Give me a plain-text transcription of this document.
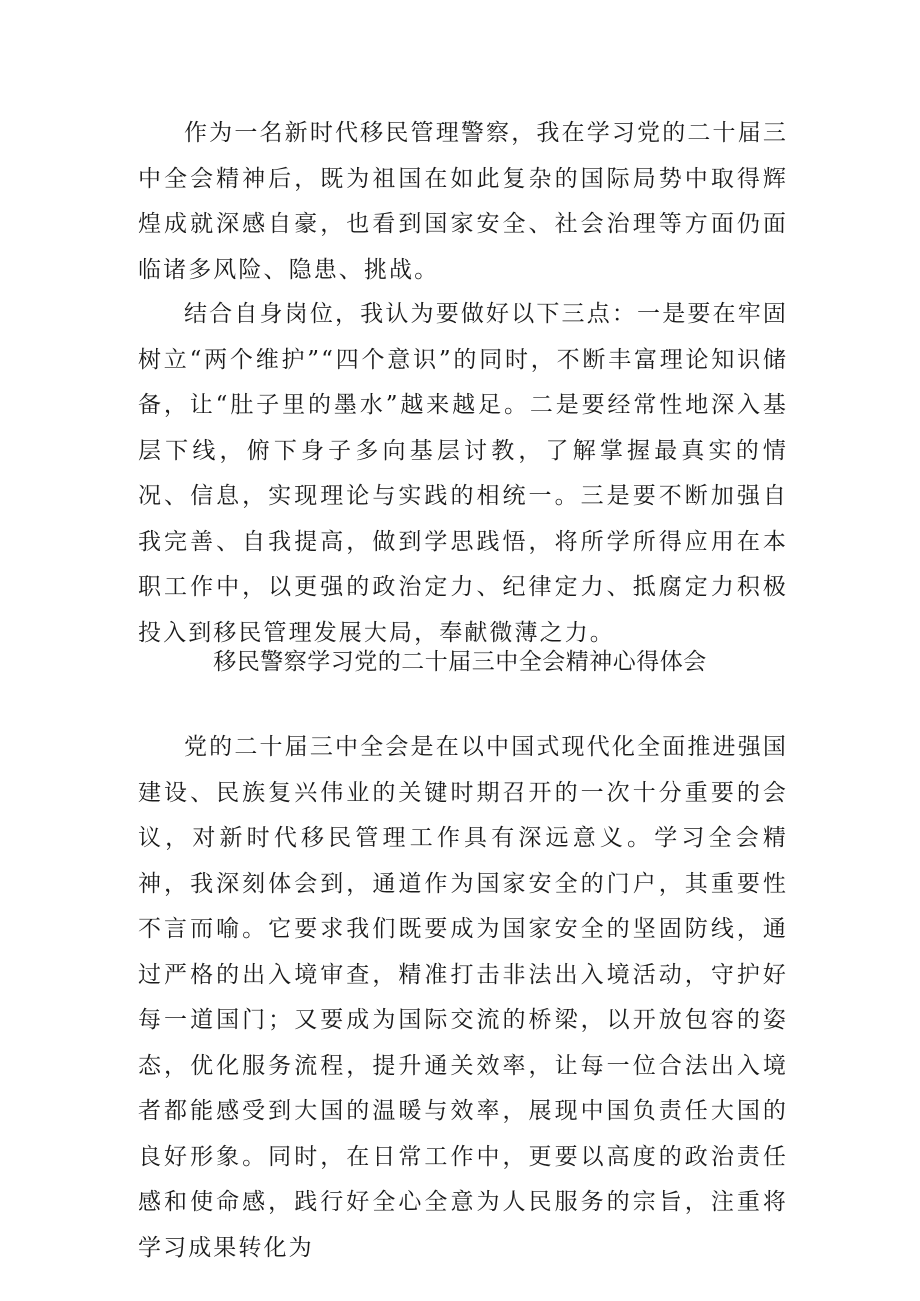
作为一名新时代移民管理警察，我在学习党的二十届三中全会精神后，既为祖国在如此复杂的国际局势中取得辉煌成就深感自豪，也看到国家安全、社会治理等方面仍面临诸多风险、隐患、挑战。

结合自身岗位，我认为要做好以下三点：一是要在牢固树立“两个维护”“四个意识”的同时，不断丰富理论知识储备，让“肚子里的墨水”越来越足。二是要经常性地深入基层下线，俯下身子多向基层讨教，了解掌握最真实的情况、信息，实现理论与实践的相统一。三是要不断加强自我完善、自我提高，做到学思践悟，将所学所得应用在本职工作中，以更强的政治定力、纪律定力、抵腐定力积极投入到移民管理发展大局，奉献微薄之力。

移民警察学习党的二十届三中全会精神心得体会

党的二十届三中全会是在以中国式现代化全面推进强国建设、民族复兴伟业的关键时期召开的一次十分重要的会议，对新时代移民管理工作具有深远意义。学习全会精神，我深刻体会到，通道作为国家安全的门户，其重要性不言而喻。它要求我们既要成为国家安全的坚固防线，通过严格的出入境审查，精准打击非法出入境活动，守护好每一道国门；又要成为国际交流的桥梁，以开放包容的姿态，优化服务流程，提升通关效率，让每一位合法出入境者都能感受到大国的温暖与效率，展现中国负责任大国的良好形象。同时，在日常工作中，更要以高度的政治责任感和使命感，践行好全心全意为人民服务的宗旨，注重将学习成果转化为
